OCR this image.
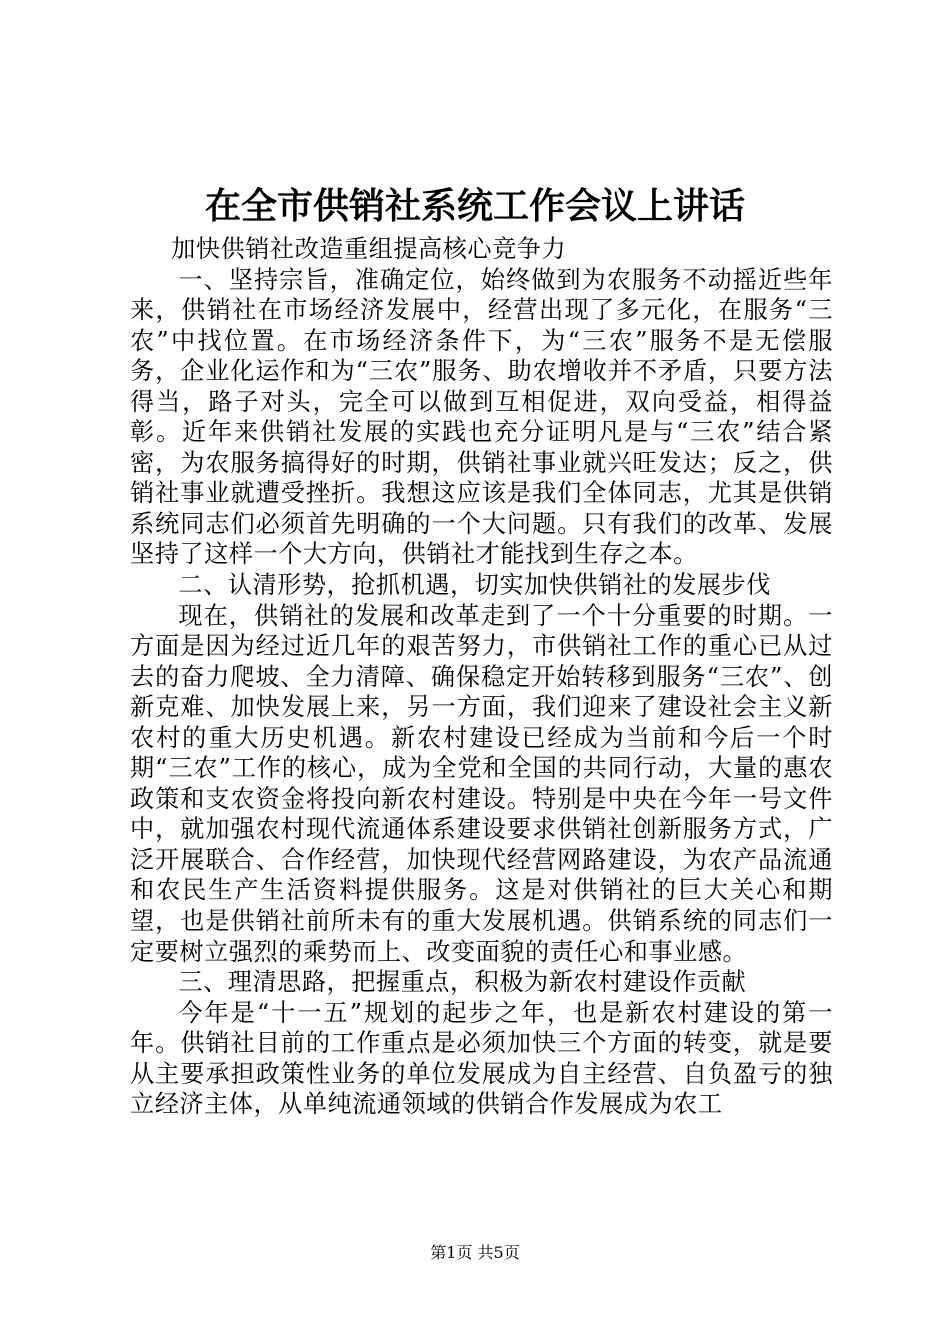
在全市供销社系统工作会议上讲话

加快供销社改造重组提高核心竞争力

一、坚持宗旨，准确定位，始终做到为农服务不动摇近些年来，供销社在市场经济发展中，经营出现了多元化，在服务“三农”中找位置。在市场经济条件下，为“三农”服务不是无偿服务，企业化运作和为“三农”服务、助农增收并不矛盾，只要方法得当，路子对头，完全可以做到互相促进，双向受益，相得益彰。近年来供销社发展的实践也充分证明凡是与“三农”结合紧密，为农服务搞得好的时期，供销社事业就兴旺发达；反之，供销社事业就遭受挫折。我想这应该是我们全体同志，尤其是供销系统同志们必须首先明确的一个大问题。只有我们的改革、发展坚持了这样一个大方向，供销社才能找到生存之本。

二、认清形势，抢抓机遇，切实加快供销社的发展步伐

现在，供销社的发展和改革走到了一个十分重要的时期。一方面是因为经过近几年的艰苦努力，市供销社工作的重心已从过去的奋力爬坡、全力清障、确保稳定开始转移到服务“三农”、创新克难、加快发展上来，另一方面，我们迎来了建设社会主义新农村的重大历史机遇。新农村建设已经成为当前和今后一个时期“三农”工作的核心，成为全党和全国的共同行动，大量的惠农政策和支农资金将投向新农村建设。特别是中央在今年一号文件中，就加强农村现代流通体系建设要求供销社创新服务方式，广泛开展联合、合作经营，加快现代经营网路建设，为农产品流通和农民生产生活资料提供服务。这是对供销社的巨大关心和期望，也是供销社前所未有的重大发展机遇。供销系统的同志们一定要树立强烈的乘势而上、改变面貌的责任心和事业感。

三、理清思路，把握重点，积极为新农村建设作贡献

今年是“十一五”规划的起步之年，也是新农村建设的第一年。供销社目前的工作重点是必须加快三个方面的转变，就是要从主要承担政策性业务的单位发展成为自主经营、自负盈亏的独立经济主体，从单纯流通领域的供销合作发展成为农工

第1页 共5页
